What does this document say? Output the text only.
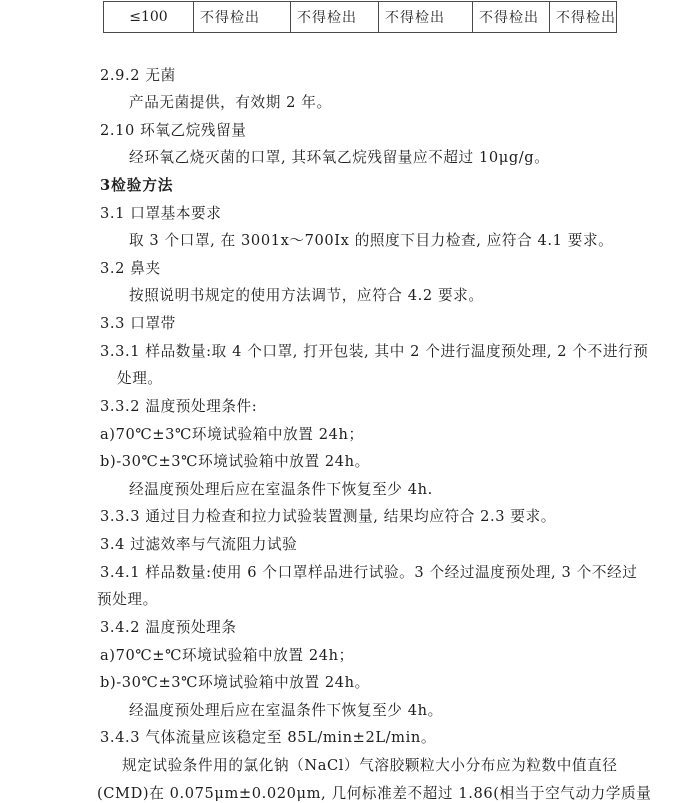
≤100	不得检出	不得检出	不得检出	不得检出	不得检出
2.9.2 无菌
产品无菌提供，有效期 2 年。
2.10 环氧乙烷残留量
经环氧乙烧灭菌的口罩, 其环氧乙烷残留量应不超过 10μg/g。
3检验方法
3.1 口罩基本要求
取 3 个口罩, 在 3001x～700Ix 的照度下目力检查, 应符合 4.1 要求。
3.2 鼻夹
按照说明书规定的使用方法调节，应符合 4.2 要求。
3.3 口罩带
3.3.1 样品数量:取 4 个口罩, 打开包装, 其中 2 个进行温度预处理, 2 个不进行预
处理。
3.3.2 温度预处理条件:
a)70℃±3℃环境试验箱中放置 24h；
b)-30℃±3℃环境试验箱中放置 24h。
经温度预处理后应在室温条件下恢复至少 4h.
3.3.3 通过目力检查和拉力试验装置测量, 结果均应符合 2.3 要求。
3.4 过滤效率与气流阻力试验
3.4.1 样品数量:使用 6 个口罩样品进行试验。3 个经过温度预处理, 3 个不经过
预处理。
3.4.2 温度预处理条
a)70℃±℃环境试验箱中放置 24h；
b)-30℃±3℃环境试验箱中放置 24h。
经温度预处理后应在室温条件下恢复至少 4h。
3.4.3 气体流量应该稳定至 85L/min±2L/min。
规定试验条件用的氯化钠（NaCl）气溶胶颗粒大小分布应为粒数中值直径
(CMD)在 0.075μm±0.020μm, 几何标准差不超过 1.86(相当于空气动力学质量
